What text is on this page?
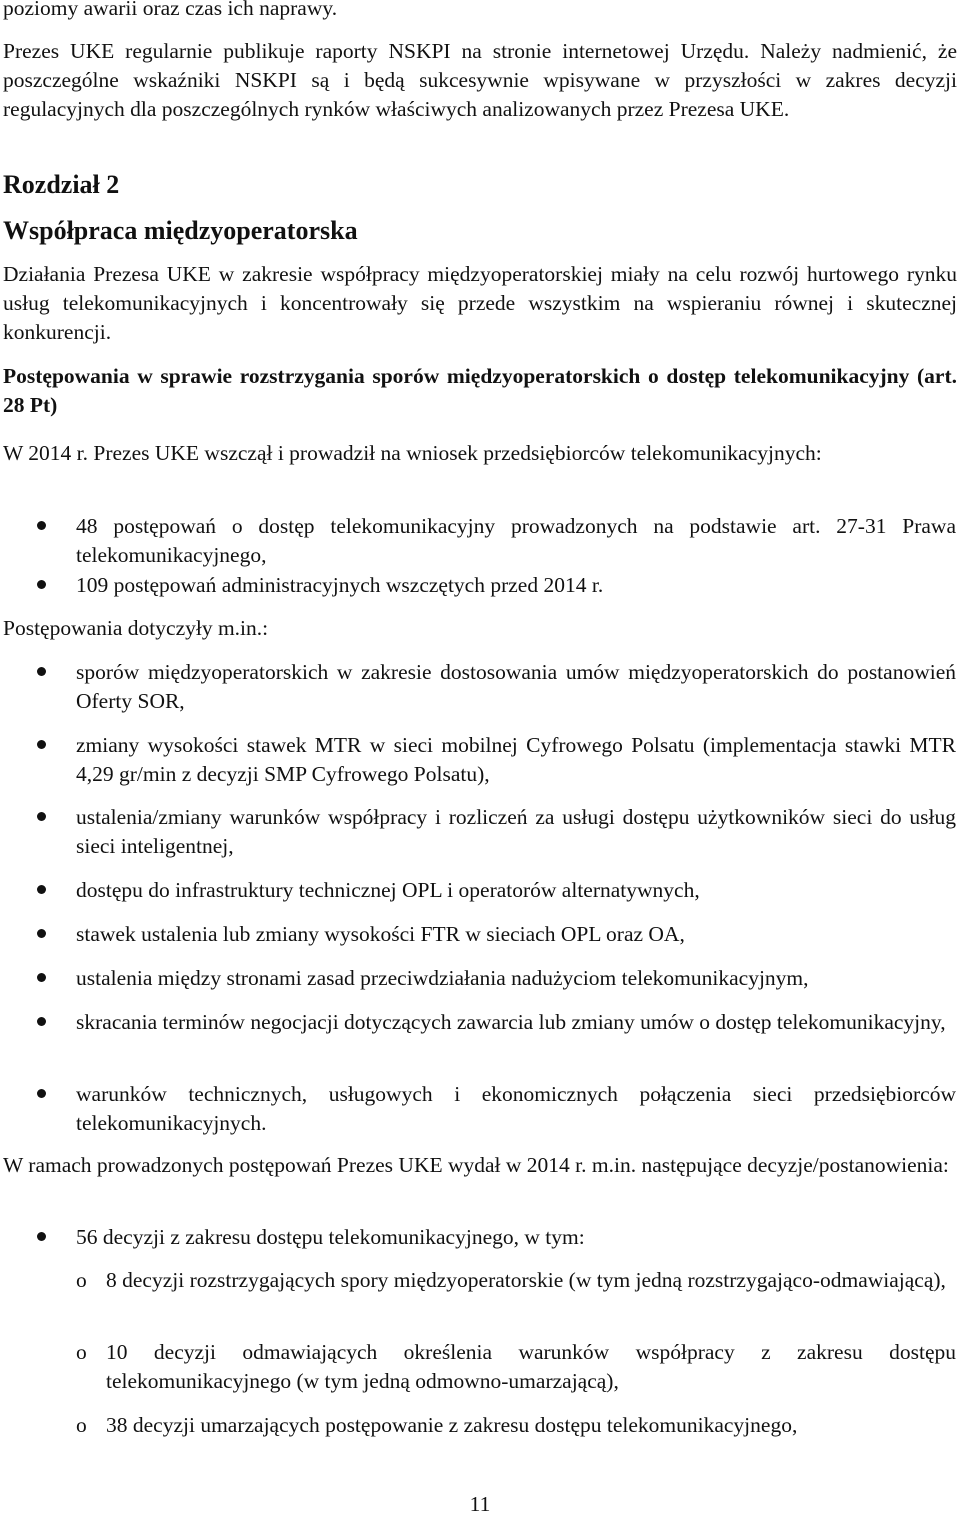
poziomy awarii oraz czas ich naprawy.

Prezes UKE regularnie publikuje raporty NSKPI na stronie internetowej Urzędu. Należy nadmienić, że poszczególne wskaźniki NSKPI są i będą sukcesywnie wpisywane w przyszłości w zakres decyzji regulacyjnych dla poszczególnych rynków właściwych analizowanych przez Prezesa UKE.

Rozdział 2
Współpraca międzyoperatorska

Działania Prezesa UKE w zakresie współpracy międzyoperatorskiej miały na celu rozwój hurtowego rynku usług telekomunikacyjnych i koncentrowały się przede wszystkim na wspieraniu równej i skutecznej konkurencji.

Postępowania w sprawie rozstrzygania sporów międzyoperatorskich o dostęp telekomunikacyjny (art. 28 Pt)

W 2014 r. Prezes UKE wszczął i prowadził na wniosek przedsiębiorców telekomunikacyjnych:

48 postępowań o dostęp telekomunikacyjny prowadzonych na podstawie art. 27-31 Prawa telekomunikacyjnego,

109 postępowań administracyjnych wszczętych przed 2014 r.

Postępowania dotyczyły m.in.:

sporów międzyoperatorskich w zakresie dostosowania umów międzyoperatorskich do postanowień Oferty SOR,

zmiany wysokości stawek MTR w sieci mobilnej Cyfrowego Polsatu (implementacja stawki MTR 4,29 gr/min z decyzji SMP Cyfrowego Polsatu),

ustalenia/zmiany warunków współpracy i rozliczeń za usługi dostępu użytkowników sieci do usług sieci inteligentnej,

dostępu do infrastruktury technicznej OPL i operatorów alternatywnych,

stawek ustalenia lub zmiany wysokości FTR w sieciach OPL oraz OA,

ustalenia między stronami zasad przeciwdziałania nadużyciom telekomunikacyjnym,

skracania terminów negocjacji dotyczących zawarcia lub zmiany umów o dostęp telekomunikacyjny,

warunków technicznych, usługowych i ekonomicznych połączenia sieci przedsiębiorców telekomunikacyjnych.

W ramach prowadzonych postępowań Prezes UKE wydał w 2014 r. m.in. następujące decyzje/postanowienia:

56 decyzji z zakresu dostępu telekomunikacyjnego, w tym:

o 8 decyzji rozstrzygających spory międzyoperatorskie (w tym jedną rozstrzygająco-odmawiającą),

o 10 decyzji odmawiających określenia warunków współpracy z zakresu dostępu telekomunikacyjnego (w tym jedną odmowno-umarzającą),

o 38 decyzji umarzających postępowanie z zakresu dostępu telekomunikacyjnego,

11
